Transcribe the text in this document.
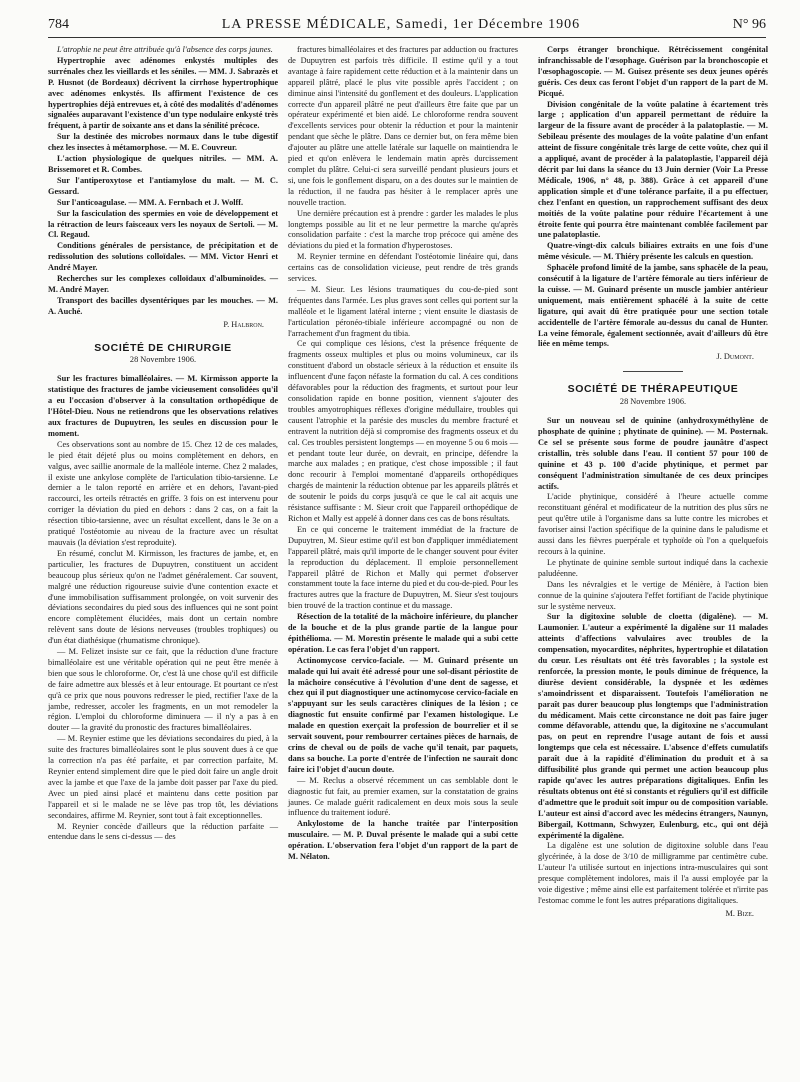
784	LA PRESSE MÉDICALE, Samedi, 1er Décembre 1906	N° 96

L'atrophie ne peut être attribuée qu'à l'absence des corps jaunes.

Hypertrophie avec adénomes enkystés multiples des surrénales chez les vieillards et les séniles. — MM. J. Sabrazès et P. Husnot (de Bordeaux) décrivent la cirrhose hypertrophique avec adénomes enkystés. Ils affirment l'existence de ces hypertrophies déjà entrevues et, à côté des modalités d'adénomes signalées auparavant l'existence d'un type nodulaire enkysté très fréquent, à partir de soixante ans et dans la sénilité précoce.

Sur la destinée des microbes normaux dans le tube digestif chez les insectes à métamorphose. — M. E. Couvreur.

L'action physiologique de quelques nitriles. — MM. A. Brissemoret et R. Combes.

Sur l'antiperoxytose et l'antiamylose du malt. — M. C. Gessard.

Sur l'anticoagulase. — MM. A. Fernbach et J. Wolff.

Sur la fasciculation des spermies en voie de développement et la rétraction de leurs faisceaux vers les noyaux de Sertoli. — M. Cl. Regaud.

Conditions générales de persistance, de précipitation et de redissolution des solutions colloïdales. — MM. Victor Henri et André Mayer.

Recherches sur les complexes colloïdaux d'albuminoïdes. — M. André Mayer.

Transport des bacilles dysentériques par les mouches. — M. A. Auché.

P. Halbron.
SOCIÉTÉ DE CHIRURGIE
28 Novembre 1906.

Sur les fractures bimalléolaires. — M. Kirmisson apporte la statistique des fractures de jambe vicieusement consolidées qu'il a eu l'occasion d'observer à la consultation orthopédique de l'Hôtel-Dieu. Nous ne retiendrons que les observations relatives aux fractures de Dupuytren, les seules en discussion pour le moment.

Ces observations sont au nombre de 15. Chez 12 de ces malades, le pied était déjeté plus ou moins complètement en dehors, en valgus, avec saillie anormale de la malléole interne. Chez 2 malades, il existe une ankylose complète de l'articulation tibio-tarsienne. Le dernier a le talon reporté en arrière et en dehors, l'avant-pied raccourci, les orteils rétractés en griffe. 3 fois on est intervenu pour corriger la déviation du pied en dehors : dans 2 cas, on a fait la résection tibio-tarsienne, avec un résultat excellent, dans le 3e on a pratiqué l'ostéotomie au niveau de la fracture avec un résultat mauvais (la déviation s'est reproduite).

En résumé, conclut M. Kirmisson, les fractures de jambe, et, en particulier, les fractures de Dupuytren, constituent un accident beaucoup plus sérieux qu'on ne l'admet généralement. Car souvent, malgré une réduction rigoureuse suivie d'une contention exacte et d'une immobilisation suffisamment prolongée, on voit survenir des déviations secondaires du pied sous des influences qui ne sont point encore complètement élucidées, mais dont un certain nombre relèvent sans doute de lésions nerveuses (troubles trophiques) ou d'un état diathésique (rhumatisme chronique).

— M. Felizet insiste sur ce fait, que la réduction d'une fracture bimalléolaire est une véritable opération qui ne peut être menée à bien que sous le chloroforme. Or, c'est là une chose qu'il est difficile de faire admettre aux blessés et à leur entourage. Et pourtant ce n'est qu'à ce prix que nous pouvons redresser le pied, rectifier l'axe de la jambe, redresser, accoler les fragments, en un mot remodeler la région. L'emploi du chloroforme diminuera — il n'y a pas à en douter — la gravité du pronostic des fractures bimalléolaires.

— M. Reynier estime que les déviations secondaires du pied, à la suite des fractures bimalléolaires sont le plus souvent dues à ce que la correction n'a pas été parfaite, et par correction parfaite, M. Reynier entend simplement dire que le pied doit faire un angle droit avec la jambe et que l'axe de la jambe doit passer par l'axe du pied. Avec un pied ainsi placé et maintenu dans cette position par l'appareil et si le malade ne se lève pas trop tôt, les déviations secondaires, affirme M. Reynier, sont tout à fait exceptionnelles.

M. Reynier concède d'ailleurs que la réduction parfaite — entendue dans le sens ci-dessus — des

fractures bimalléolaires et des fractures par adduction ou fractures de Dupuytren est parfois très difficile. Il estime qu'il y a tout avantage à faire rapidement cette réduction et à la maintenir dans un appareil plâtré, placé le plus vite possible après l'accident ; on diminue ainsi l'intensité du gonflement et des douleurs. L'application correcte d'un appareil plâtré ne peut d'ailleurs être faite que par un opérateur expérimenté et bien aidé. Le chloroforme rendra souvent d'excellents services pour obtenir la réduction et pour la maintenir pendant que sèche le plâtre. Dans ce dernier but, on fera même bien d'ajouter au plâtre une attelle latérale sur laquelle on maintiendra le pied et qu'on enlèvera le lendemain matin après durcissement complet du plâtre. Celui-ci sera surveillé pendant plusieurs jours et si, une fois le gonflement disparu, on a des doutes sur le maintien de la réduction, il ne faudra pas hésiter à le remplacer après une nouvelle traction.

Une dernière précaution est à prendre : garder les malades le plus longtemps possible au lit et ne leur permettre la marche qu'après consolidation parfaite : c'est la marche trop précoce qui amène des déviations du pied et la formation d'hyperostoses.

M. Reynier termine en défendant l'ostéotomie linéaire qui, dans certains cas de consolidation vicieuse, peut rendre de très grands services.

— M. Sieur. Les lésions traumatiques du cou-de-pied sont fréquentes dans l'armée. Les plus graves sont celles qui portent sur la malléole et le ligament latéral interne ; vient ensuite le diastasis de l'articulation péronéo-tibiale inférieure accompagné ou non de l'arrachement d'un fragment du tibia.

Ce qui complique ces lésions, c'est la présence fréquente de fragments osseux multiples et plus ou moins volumineux, car ils constituent d'abord un obstacle sérieux à la réduction et ensuite ils influencent d'une façon néfaste la formation du cal. A ces conditions défavorables pour la réduction des fragments, et surtout pour leur consolidation rapide en bonne position, viennent s'ajouter des troubles amyotrophiques réflexes d'origine médullaire, troubles qui causent l'atrophie et la parésie des muscles du membre fracturé et entravent la nutrition déjà si compromise des fragments osseux et du cal. Ces troubles persistent longtemps — en moyenne 5 ou 6 mois — et pendant toute leur durée, on devrait, en principe, défendre la marche aux malades ; en pratique, c'est chose impossible ; il faut donc recourir à l'emploi momentané d'appareils orthopédiques chargés de maintenir la réduction obtenue par les appareils plâtrés et de soutenir le poids du corps jusqu'à ce que le cal ait acquis une résistance suffisante : M. Sieur croit que l'appareil orthopédique de Richon et Mally est appelé à donner dans ces cas de bons résultats.

En ce qui concerne le traitement immédiat de la fracture de Dupuytren, M. Sieur estime qu'il est bon d'appliquer immédiatement l'appareil plâtré, mais qu'il importe de le changer souvent pour éviter la reproduction du déplacement. Il emploie personnellement l'appareil plâtré de Richon et Mally qui permet d'observer constamment toute la face interne du pied et du cou-de-pied. Pour les fractures autres que la fracture de Dupuytren, M. Sieur s'est toujours bien trouvé de la traction continue et du massage.

Résection de la totalité de la mâchoire inférieure, du plancher de la bouche et de la plus grande partie de la langue pour épithélioma. — M. Morestin présente le malade qui a subi cette opération. Le cas fera l'objet d'un rapport.

Actinomycose cervico-faciale. — M. Guinard présente un malade qui lui avait été adressé pour une sol-disant périostite de la mâchoire consécutive à l'évolution d'une dent de sagesse, et chez qui il put diagnostiquer une actinomycose cervico-faciale en s'appuyant sur les seuls caractères cliniques de la lésion ; ce diagnostic fut ensuite confirmé par l'examen histologique. Le malade en question exerçait la profession de bourrelier et il se servait souvent, pour rembourrer certaines pièces de harnais, de crins de cheval ou de poils de vache qu'il tenait, par paquets, dans sa bouche. La porte d'entrée de l'infection ne saurait donc faire ici l'objet d'aucun doute.

— M. Reclus a observé récemment un cas semblable dont le diagnostic fut fait, au premier examen, sur la constatation de grains jaunes. Ce malade guérit radicalement en deux mois sous la seule influence du traitement ioduré.

Ankylostome de la hanche traitée par l'interposition musculaire. — M. P. Duval présente le malade qui a subi cette opération. L'observation fera l'objet d'un rapport de la part de M. Nélaton.

Corps étranger bronchique. Rétrécissement congénital infranchissable de l'œsophage. Guérison par la bronchoscopie et l'œsophagoscopie. — M. Guisez présente ses deux jeunes opérés guéris. Ces deux cas feront l'objet d'un rapport de la part de M. Picqué.

Division congénitale de la voûte palatine à écartement très large ; application d'un appareil permettant de réduire la largeur de la fissure avant de procéder à la palatoplastie. — M. Sebileau présente des moulages de la voûte palatine d'un enfant atteint de fissure congénitale très large de cette voûte, chez qui il a appliqué, avant de procéder à la palatoplastie, l'appareil déjà décrit par lui dans la séance du 13 Juin dernier (Voir La Presse Médicale, 1906, n° 48, p. 388). Grâce à cet appareil d'une application simple et d'une tolérance parfaite, il a pu effectuer, chez l'enfant en question, un rapprochement suffisant des deux moitiés de la voûte palatine pour réduire l'écartement à une étroite fente qui pourra être maintenant comblée facilement par une palatoplastie.

Quatre-vingt-dix calculs biliaires extraits en une fois d'une même vésicule. — M. Thiéry présente les calculs en question.

Sphacèle profond limité de la jambe, sans sphacèle de la peau, consécutif à la ligature de l'artère fémorale au tiers inférieur de la cuisse. — M. Guinard présente un muscle jambier antérieur uniquement, mais entièrement sphacélé à la suite de cette ligature, qui avait dû être pratiquée pour une section totale accidentelle de l'artère fémorale au-dessus du canal de Hunter. La veine fémorale, également sectionnée, avait d'ailleurs dû être liée en même temps.

J. Dumont.
SOCIÉTÉ DE THÉRAPEUTIQUE
28 Novembre 1906.

Sur un nouveau sel de quinine (anhydroxyméthylène de phosphate de quinine ; phytinate de quinine). — M. Posternak. Ce sel se présente sous forme de poudre jaunâtre d'aspect cristallin, très soluble dans l'eau. Il contient 57 pour 100 de quinine et 43 p. 100 d'acide phytinique, et permet par conséquent l'administration simultanée de ces deux principes actifs.

L'acide phytinique, considéré à l'heure actuelle comme reconstituant général et modificateur de la nutrition des plus sûrs ne peut qu'être utile à l'organisme dans sa lutte contre les microbes et favoriser ainsi l'action spécifique de la quinine dans le paludisme et aussi dans les fièvres puerpérale et typhoïde où l'on a quelquefois recours à la quinine.

Le phytinate de quinine semble surtout indiqué dans la cachexie paludéenne.

Dans les névralgies et le vertige de Ménière, à l'action bien connue de la quinine s'ajoutera l'effet fortifiant de l'acide phytinique sur le système nerveux.

Sur la digitoxine soluble de cloetta (digalène). — M. Laumonier. L'auteur a expérimenté la digalène sur 11 malades atteints d'affections valvulaires avec troubles de la compensation, myocardites, néphrites, hypertrophie et dilatation du cœur. Les résultats ont été très favorables ; la systole est renforcée, la pression monte, le pouls diminue de fréquence, la diurèse devient considérable, la dyspnée et les œdèmes s'amoindrissent et disparaissent. Toutefois l'amélioration ne paraît pas durer beaucoup plus longtemps que l'administration du médicament. Mais cette circonstance ne doit pas faire juger comme défavorable, attendu que, la digitoxine ne s'accumulant pas, on peut en reprendre l'usage autant de fois et aussi longtemps que cela est nécessaire. L'absence d'effets cumulatifs paraît due à la rapidité d'élimination du produit et à sa diffusibilité plus grande qui permet une action beaucoup plus rapide qu'avec les autres préparations digitaliques. Enfin les résultats obtenus ont été si constants et réguliers qu'il est difficile d'admettre que le produit soit impur ou de composition variable. L'auteur est ainsi d'accord avec les médecins étrangers, Naunyn, Bibergail, Kottmann, Schwyzer, Eulenburg, etc., qui ont déjà expérimenté la digalène.

La digalène est une solution de digitoxine soluble dans l'eau glycérinée, à la dose de 3/10 de milligramme par centimètre cube. L'auteur l'a utilisée surtout en injections intra-musculaires qui sont presque complètement indolores, mais il l'a aussi employée par la voie digestive ; même ainsi elle est parfaitement tolérée et n'irrite pas l'estomac comme le font les autres préparations digitaliques.

M. Bize.
